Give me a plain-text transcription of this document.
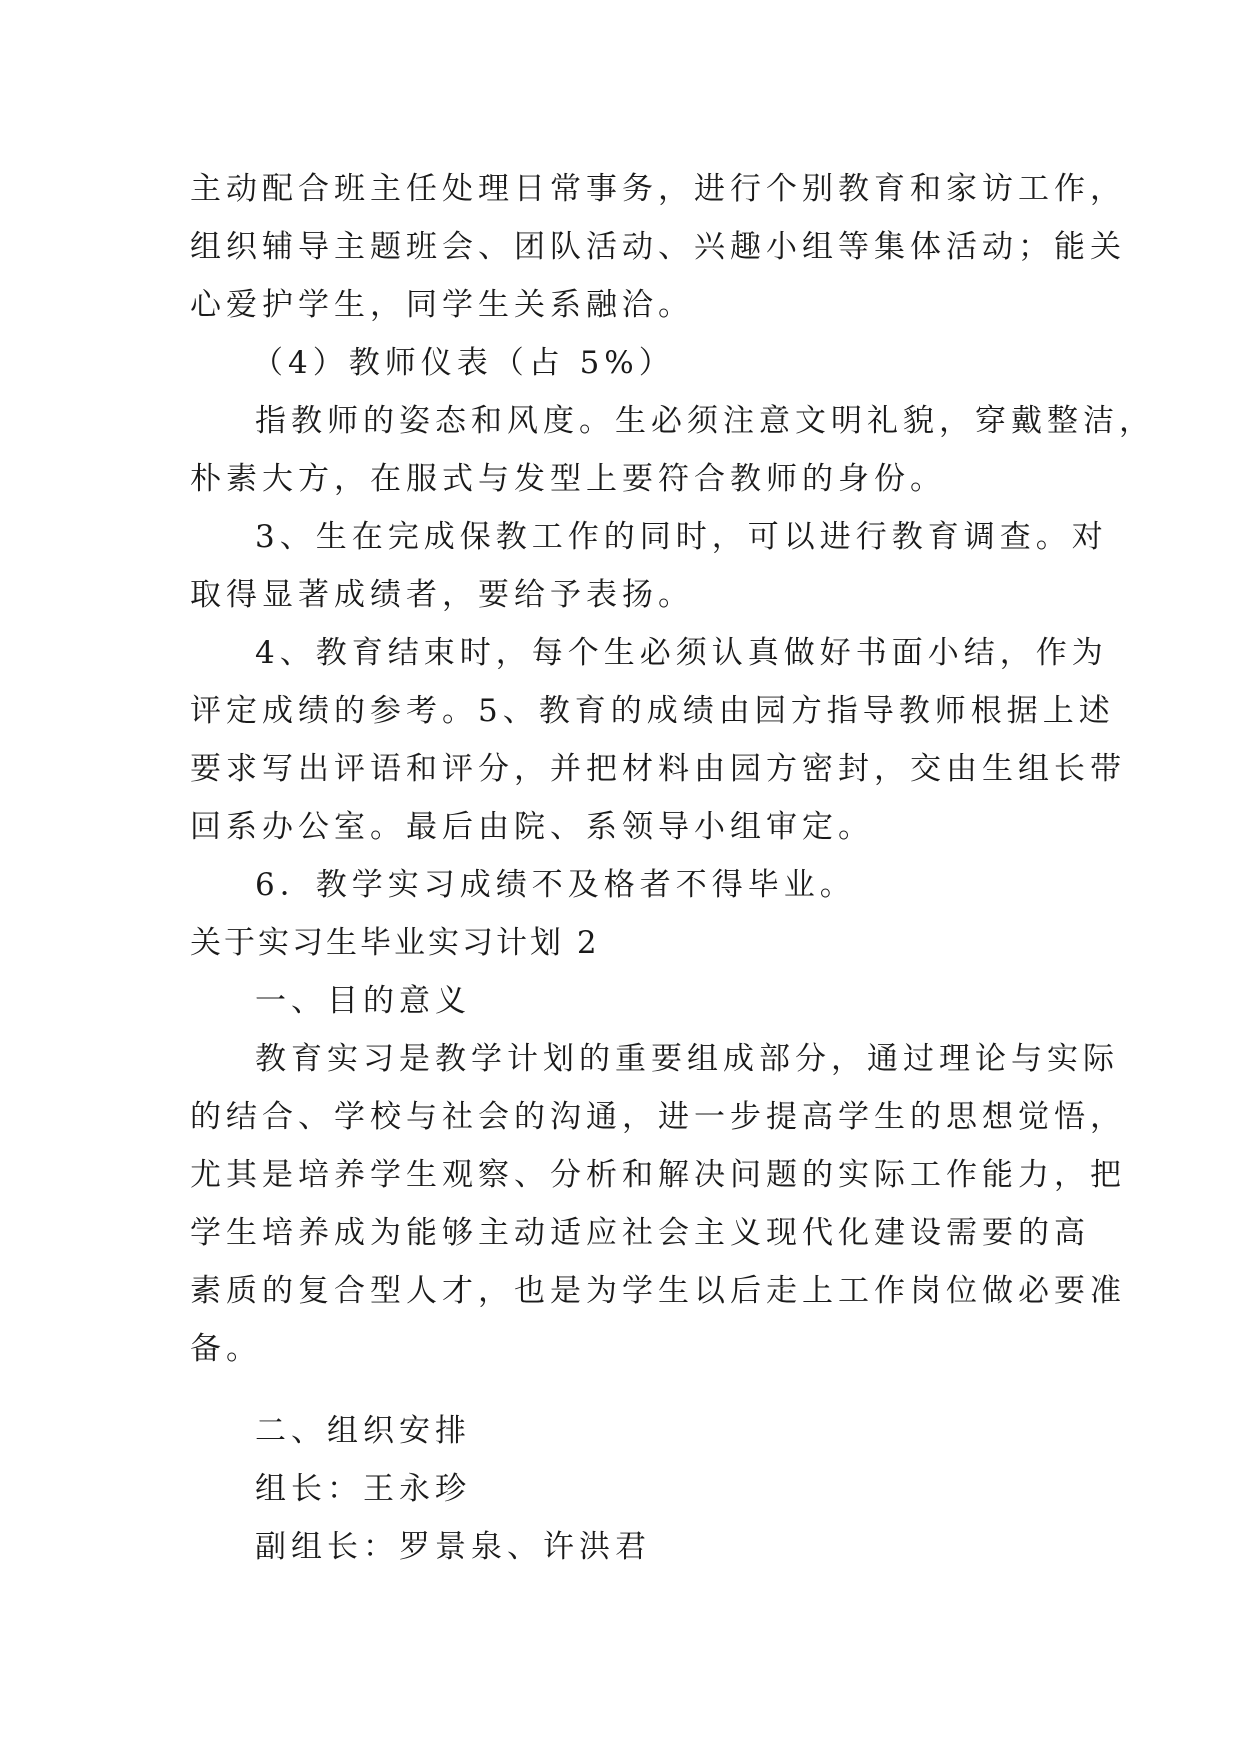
主动配合班主任处理日常事务，进行个别教育和家访工作，
组织辅导主题班会、团队活动、兴趣小组等集体活动；能关
心爱护学生，同学生关系融洽。
（4）教师仪表（占 5%）
指教师的姿态和风度。生必须注意文明礼貌，穿戴整洁，
朴素大方，在服式与发型上要符合教师的身份。
3、生在完成保教工作的同时，可以进行教育调查。对
取得显著成绩者，要给予表扬。
4、教育结束时，每个生必须认真做好书面小结，作为
评定成绩的参考。5、教育的成绩由园方指导教师根据上述
要求写出评语和评分，并把材料由园方密封，交由生组长带
回系办公室。最后由院、系领导小组审定。
6．教学实习成绩不及格者不得毕业。
关于实习生毕业实习计划 2
一、目的意义
教育实习是教学计划的重要组成部分，通过理论与实际
的结合、学校与社会的沟通，进一步提高学生的思想觉悟，
尤其是培养学生观察、分析和解决问题的实际工作能力，把
学生培养成为能够主动适应社会主义现代化建设需要的高
素质的复合型人才，也是为学生以后走上工作岗位做必要准
备。
二、组织安排
组长：王永珍
副组长：罗景泉、许洪君
